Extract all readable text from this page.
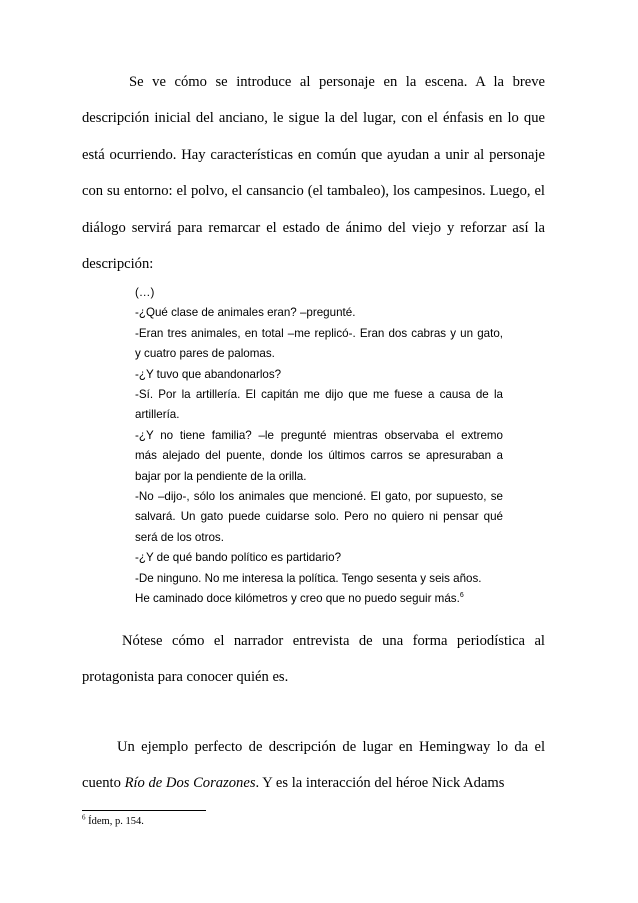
Se ve cómo se introduce al personaje en la escena. A la breve descripción inicial del anciano, le sigue la del lugar, con el énfasis en lo que está ocurriendo. Hay características en común que ayudan a unir al personaje con su entorno: el polvo, el cansancio (el tambaleo), los campesinos. Luego, el diálogo servirá para remarcar el estado de ánimo del viejo y reforzar así la descripción:

(…)
-¿Qué clase de animales eran? –pregunté.
-Eran tres animales, en total –me replicó-. Eran dos cabras y un gato,
y cuatro pares de palomas.
-¿Y tuvo que abandonarlos?
-Sí. Por la artillería. El capitán me dijo que me fuese a causa de la
artillería.
-¿Y no tiene familia? –le pregunté mientras observaba el extremo
más alejado del puente, donde los últimos carros se apresuraban a
bajar por la pendiente de la orilla.
-No –dijo-, sólo los animales que mencioné. El gato, por supuesto, se
salvará. Un gato puede cuidarse solo. Pero no quiero ni pensar qué
será de los otros.
-¿Y de qué bando político es partidario?
-De ninguno. No me interesa la política. Tengo sesenta y seis años.
He caminado doce kilómetros y creo que no puedo seguir más.$^6$

Nótese cómo el narrador entrevista de una forma periodística al protagonista para conocer quién es.

Un ejemplo perfecto de descripción de lugar en Hemingway lo da el cuento Río de Dos Corazones. Y es la interacción del héroe Nick Adams

$^6$ Ídem, p. 154.
